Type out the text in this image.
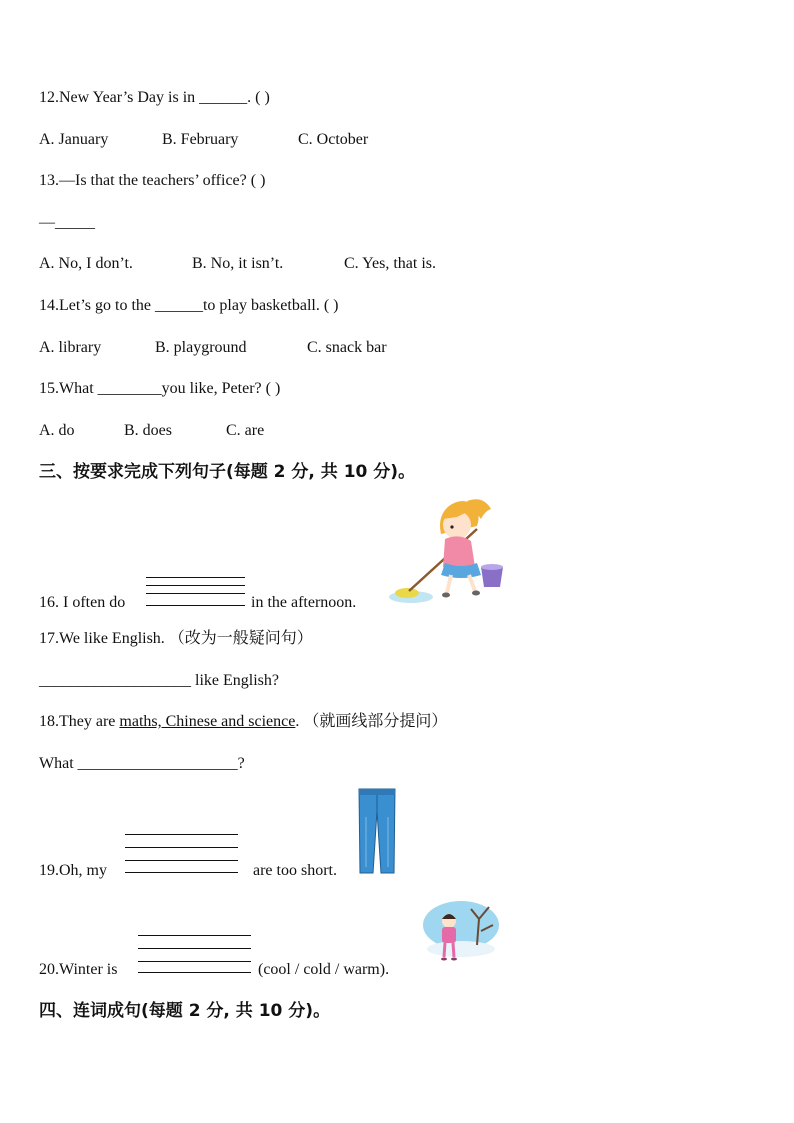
12.New Year’s Day is in ______. ( )
A. January	B. February	C. October
13.—Is that the teachers’ office? ( )
—_____
A. No, I don’t.	B. No, it isn’t.	C. Yes, that is.
14.Let’s go to the ______to play basketball. ( )
A. library	B. playground	C. snack bar
15.What ________you like, Peter? ( )
A. do	B. does	C. are
三、按要求完成下列句子(每题 2 分, 共 10 分)。
16. I often do	in the afternoon.
17.We like English. （改为一般疑问句）
___________________ like English?
18.They are maths, Chinese and science. （就画线部分提问）
What ____________________?
19.Oh, my	are too short.
20.Winter is	(cool / cold / warm).
四、连词成句(每题 2 分, 共 10 分)。
